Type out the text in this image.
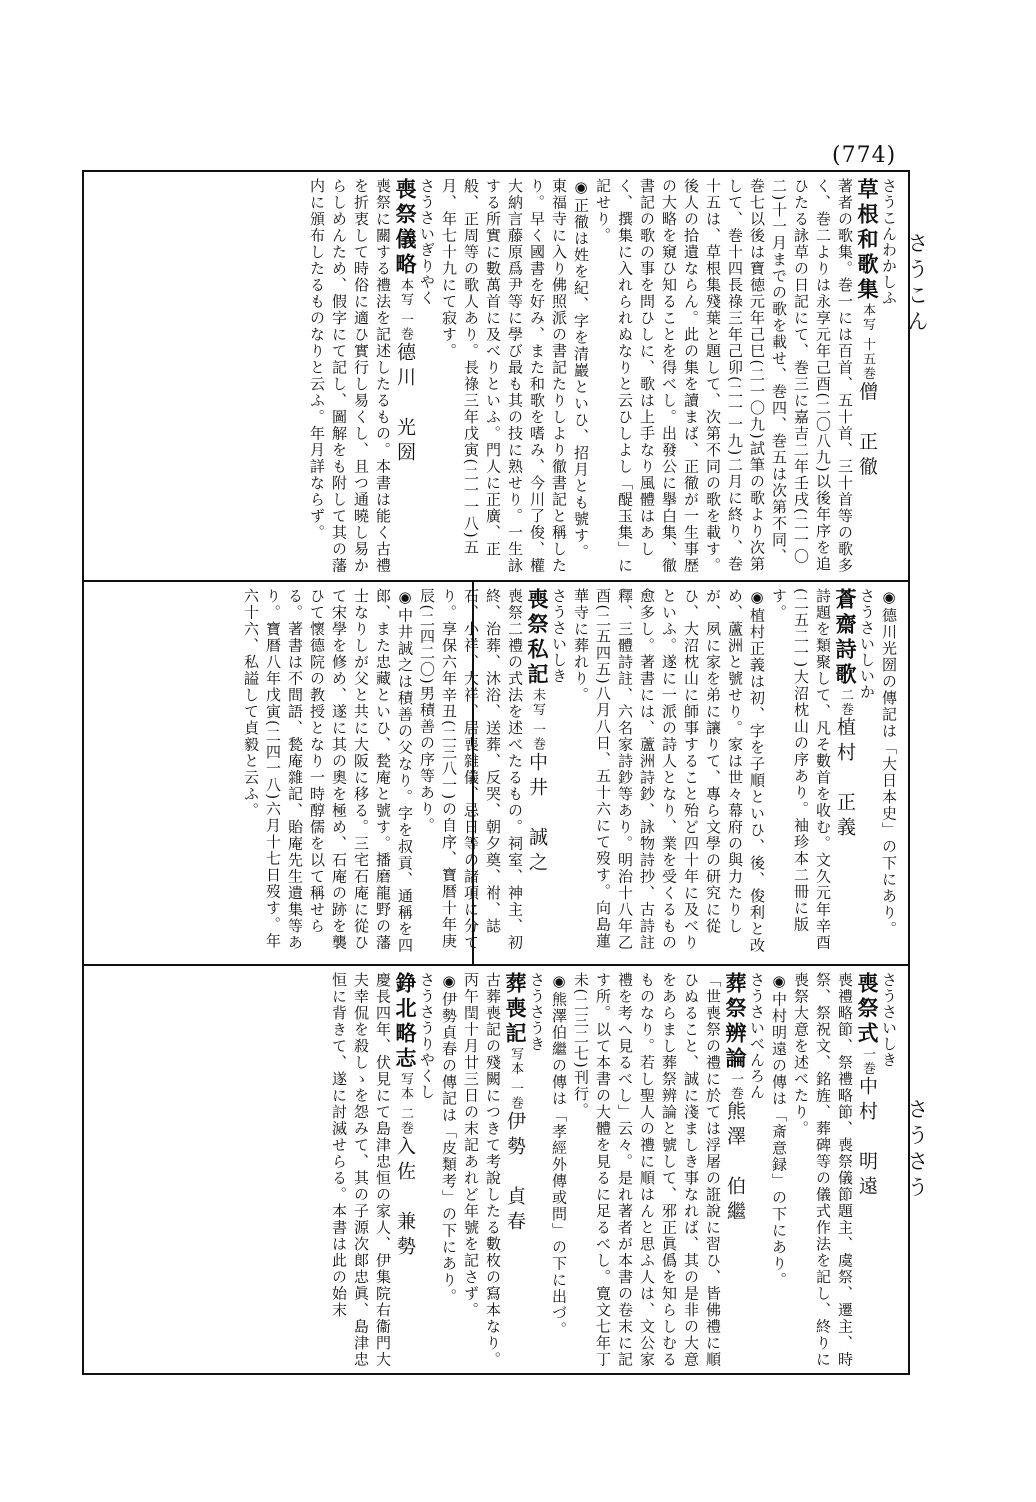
(774)
さうこん
さうさう
さうこんわかしふ
草根和歌集本写 十五巻僧　正徹
著者の歌集。巻一には百首、五十首、三十首等の歌多く、巻二よりは永享元年己酉(二〇八九)以後年序を追ひたる詠草の日記にて、巻三に嘉吉二年壬戌(二一〇二)十一月までの歌を載せ、巻四、巻五は次第不同、巻七以後は寶徳元年己巳(二一〇九)試筆の歌より次第して、巻十四長祿三年己卯(二一一九)二月に終り、巻十五は、草根集殘葉と題して、次第不同の歌を載す。後人の拾遺ならん。此の集を讀まば、正徹が一生事歴の大略を窺ひ知ることを得べし。出發公に擧白集、徹書記の歌の事を問ひしに、歌は上手なり風體はあしく、撰集に入れられぬなりと云ひしよし「醍玉集」に記せり。
◉ 正徹は姓を紀、字を清巖といひ、招月とも號す。東福寺に入り佛照派の書記たりしより徹書記と稱したり。早く國書を好み、また和歌を嗜み、今川了俊、權大納言藤原爲尹等に學び最も其の技に熟せり。一生詠する所實に數萬首に及べりといふ。門人に正廣、正般、正周等の歌人あり。長祿三年戊寅(二一一八)五月、年七十九にて寂す。
さうさいぎりやく
喪祭儀略本写 一巻德川　光圀
喪祭に關する禮法を記述したるもの。本書は能く古禮を折衷して時俗に適ひ實行し易くし、且つ通曉し易からしめんため、假字にて記し、圖解をも附して其の藩内に頒布したるものなりと云ふ。年月詳ならず。
◉ 德川光圀の傳記は「大日本史」の下にあり。
さうさいしいか
蒼齋詩歌二巻植村　正義
詩題を類聚して、凡そ數首を收む。文久元年辛酉(二五二一)大沼枕山の序あり。袖珍本二冊に版す。
◉ 植村正義は初、字を子順といひ、後、俊利と改め、蘆洲と號せり。家は世々幕府の與力たりしが、夙に家を弟に讓りて、專ら文學の研究に從ひ、大沼枕山に師事すること殆ど四十年に及べりといふ。遂に一派の詩人となり、業を受くるもの愈多し。著書には、蘆洲詩鈔、詠物詩抄、古詩註釋、三體詩註、六名家詩鈔等あり。明治十八年乙酉(二五四五)八月八日、五十六にて歿す。向島蓮華寺に葬れり。
さうさいしき
喪祭私記未写 一巻中井　誠之
喪祭二禮の式法を述べたるもの。祠室、神主、初終、治葬、沐浴、送葬、反哭、朝夕奠、祔、誌石、小祥、大祥、居喪雜儀、忌日等の諸項に分てり。享保六年辛丑(二三八一)の自序、寶暦十年庚辰(二四二〇)男積善の序等あり。
◉ 中井誠之は積善の父なり。字を叔貢、通稱を四郎、また忠藏といひ、甃庵と號す。播磨龍野の藩士なりしが父と共に大阪に移る。三宅石庵に從ひて宋學を修め、遂に其の奧を極め、石庵の跡を襲ひて懷德院の教授となり一時醇儒を以て稱せらる。著書は不間語、甃庵雜記、貽庵先生遺集等あり。寶暦八年戊寅(二四一八)六月十七日歿す。年六十六、私謚して貞毅と云ふ。
さうさいしき
喪祭式一巻中村　明遠
喪禮略節、祭禮略節、喪祭儀節題主、虞祭、遷主、時祭、祭祝文、銘旌、葬碑等の儀式作法を記し、終りに喪祭大意を述べたり。
◉ 中村明遠の傳は「斎意録」の下にあり。
さうさいべんろん
葬祭辨論一巻熊澤　伯繼
「世喪祭の禮に於ては浮屠の誑說に習ひ、皆佛禮に順ひぬること、誠に淺ましき事なれば、其の是非の大意をあらまし葬祭辨論と號して、邪正眞僞を知らしむるものなり。若し聖人の禮に順はんと思ふ人は、文公家禮を考へ見るべし」云々。是れ著者が本書の卷末に記す所。以て本書の大體を見るに足るべし。寛文七年丁未(二三二七)刊行。
◉ 熊澤伯繼の傳は「孝經外傳或問」の下に出づ。
さうさうき
葬喪記写本 一巻伊勢　貞春
古葬喪記の殘闕につきて考說したる數枚の寫本なり。丙午閏十月廿三日の末記あれど年號を記さず。
◉ 伊勢貞春の傳記は「皮類考」の下にあり。
さうさうりやくし
錚北略志写本 二巻入佐　兼勢
慶長四年、伏見にて島津忠恒の家人、伊集院右衞門大夫幸侃を殺しゝを怨みて、其の子源次郞忠眞、島津忠恒に背きて、遂に討滅せらる。本書は此の始末
